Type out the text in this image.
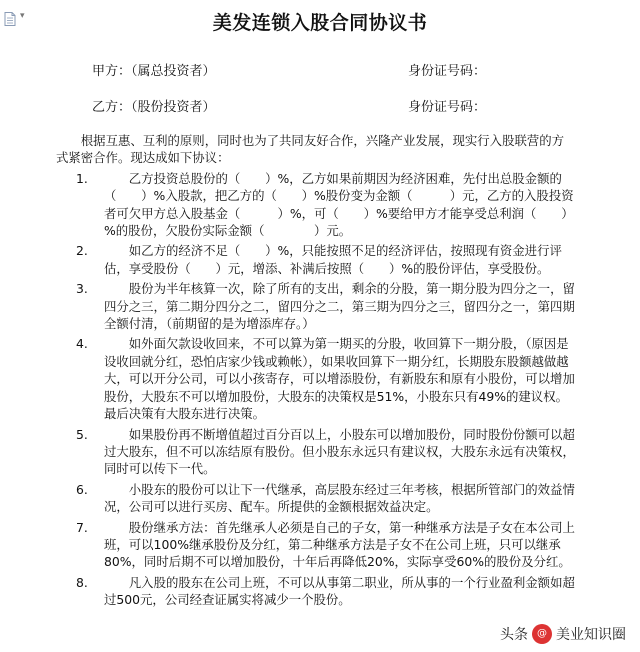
▾	美发连锁入股合同协议书
甲方：（属总投资者）	身份证号码：
乙方：（股份投资者）	身份证号码：

根据互惠、互利的原则，同时也为了共同友好合作，兴隆产业发展，现实行入股联营的方式紧密合作。现达成如下协议：

1.	乙方投资总股份的（　　）%，乙方如果前期因为经济困难，先付出总股金额的（　　）%入股款，把乙方的（　　）%股份变为金额（　　　）元，乙方的入股投资者可欠甲方总入股基金（　　　）%，可（　　）%要给甲方才能享受总利润（　　）%的股份，欠股份实际金额（　　　　）元。
2.	如乙方的经济不足（　　）%，只能按照不足的经济评估，按照现有资金进行评估，享受股份（　　）元，增添、补满后按照（　　）%的股份评估，享受股份。
3.	股份为半年核算一次，除了所有的支出，剩余的分股，第一期分股为四分之一，留四分之三，第二期分四分之二，留四分之二，第三期为四分之三，留四分之一，第四期全额付清，（前期留的是为增添库存。）
4.	如外面欠款设收回来，不可以算为第一期买的分股，收回算下一期分股，（原因是设收回就分红，恐怕店家少钱或赖帐），如果收回算下一期分红，长期股东股额越做越大，可以开分公司，可以小孩寄存，可以增添股份，有新股东和原有小股份，可以增加股份，大股东不可以增加股份，大股东的决策权是51%，小股东只有49%的建议权。最后决策有大股东进行决策。
5.	如果股份再不断增值超过百分百以上，小股东可以增加股份，同时股份份额可以超过大股东，但不可以冻结原有股份。但小股东永远只有建议权，大股东永远有决策权，同时可以传下一代。
6.	小股东的股份可以让下一代继承，高层股东经过三年考核，根据所管部门的效益情况，公司可以进行买房、配车。所提供的金额根据效益决定。
7.	股份继承方法：首先继承人必须是自己的子女，第一种继承方法是子女在本公司上班，可以100%继承股份及分红，第二种继承方法是子女不在公司上班，只可以继承80%，同时后期不可以增加股份，十年后再降低20%，实际享受60%的股份及分红。
8.	凡入股的股东在公司上班，不可以从事第二职业，所从事的一个行业盈利金额如超过500元，公司经查证属实将减少一个股份。
头条 @ 美业知识圈
